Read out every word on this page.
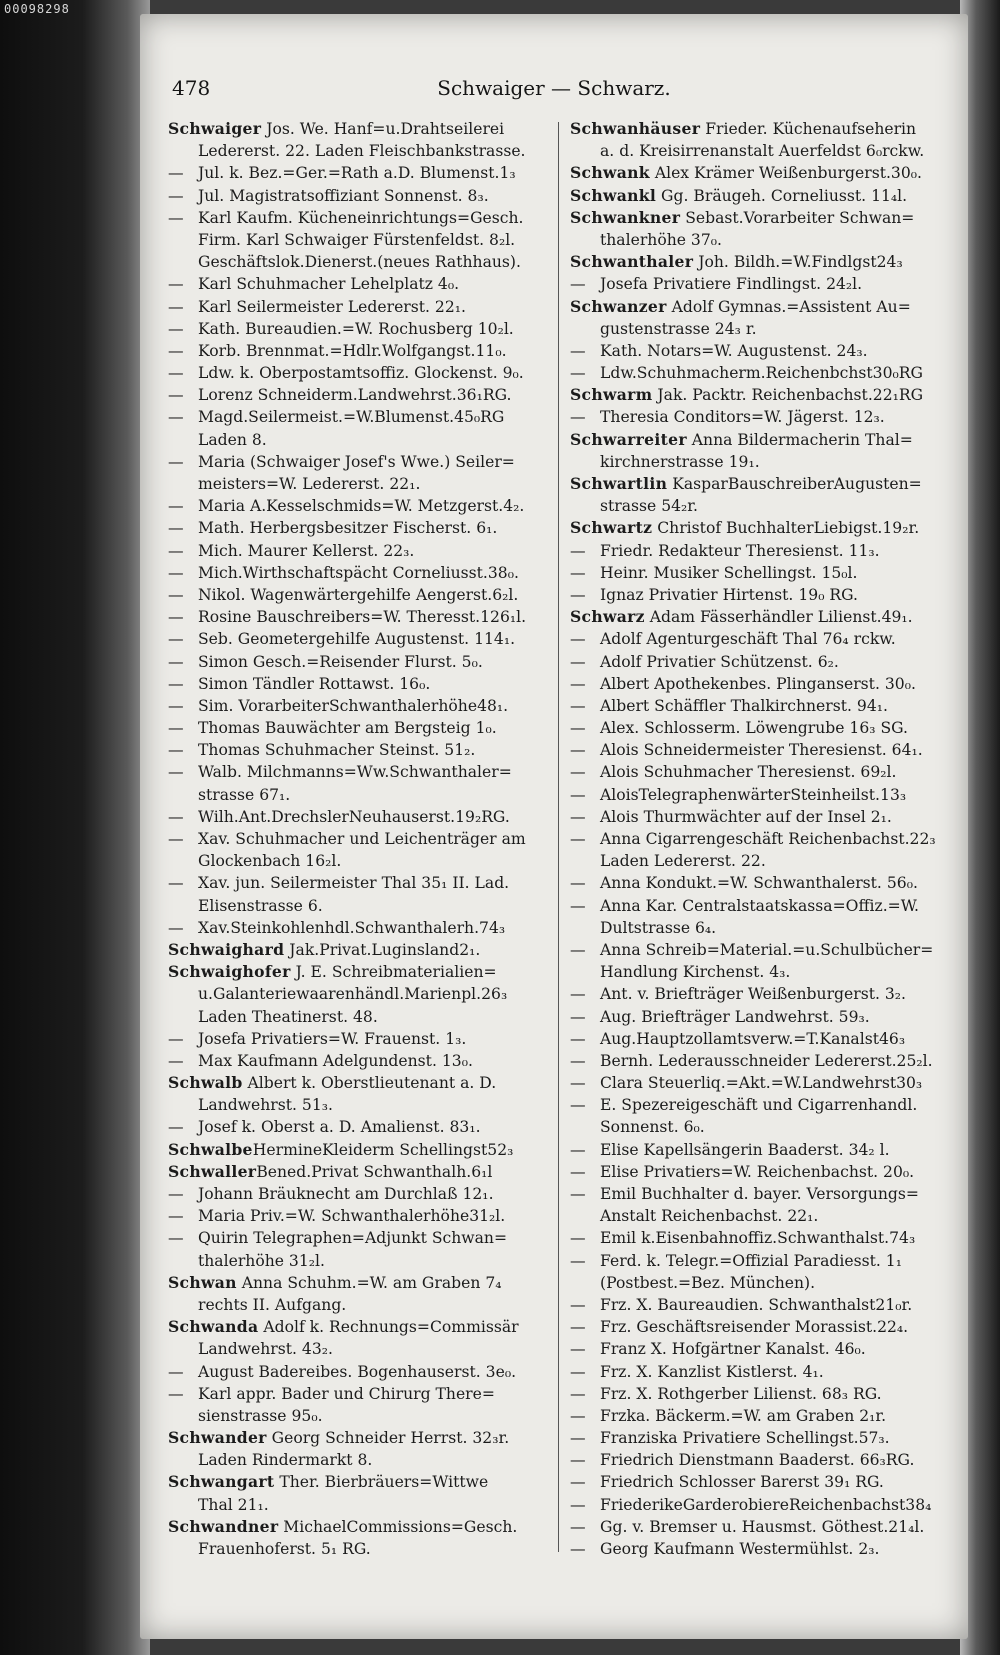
00098298
478	Schwaiger — Schwarz.
Schwaiger Jos. We. Hanf=u.Drahtseilerei
Ledererst. 22. Laden Fleischbankstrasse.
— Jul. k. Bez.=Ger.=Rath a.D. Blumenst.1₃
— Jul. Magistratsoffiziant Sonnenst. 8₃.
— Karl Kaufm. Kücheneinrichtungs=Gesch.
Firm. Karl Schwaiger Fürstenfeldst. 8₂l.
Geschäftslok.Dienerst.(neues Rathhaus).
— Karl Schuhmacher Lehelplatz 4₀.
— Karl Seilermeister Ledererst. 22₁.
— Kath. Bureaudien.=W. Rochusberg 10₂l.
— Korb. Brennmat.=Hdlr.Wolfgangst.11₀.
— Ldw. k. Oberpostamtsoffiz. Glockenst. 9₀.
— Lorenz Schneiderm.Landwehrst.36₁RG.
— Magd.Seilermeist.=W.Blumenst.45₀RG
Laden 8.
— Maria (Schwaiger Josef's Wwe.) Seiler=
meisters=W. Ledererst. 22₁.
— Maria A.Kesselschmids=W. Metzgerst.4₂.
— Math. Herbergsbesitzer Fischerst. 6₁.
— Mich. Maurer Kellerst. 22₃.
— Mich.Wirthschaftspächt Corneliusst.38₀.
— Nikol. Wagenwärtergehilfe Aengerst.6₂l.
— Rosine Bauschreibers=W. Theresst.126₁l.
— Seb. Geometergehilfe Augustenst. 114₁.
— Simon Gesch.=Reisender Flurst. 5₀.
— Simon Tändler Rottawst. 16₀.
— Sim. VorarbeiterSchwanthalerhöhe48₁.
— Thomas Bauwächter am Bergsteig 1₀.
— Thomas Schuhmacher Steinst. 51₂.
— Walb. Milchmanns=Ww.Schwanthaler=
strasse 67₁.
— Wilh.Ant.DrechslerNeuhauserst.19₂RG.
— Xav. Schuhmacher und Leichenträger am
Glockenbach 16₂l.
— Xav. jun. Seilermeister Thal 35₁ II. Lad.
Elisenstrasse 6.
— Xav.Steinkohlenhdl.Schwanthalerh.74₃
Schwaighard Jak.Privat.Luginsland2₁.
Schwaighofer J. E. Schreibmaterialien=
u.Galanteriewaarenhändl.Marienpl.26₃
Laden Theatinerst. 48.
— Josefa Privatiers=W. Frauenst. 1₃.
— Max Kaufmann Adelgundenst. 13₀.
Schwalb Albert k. Oberstlieutenant a. D.
Landwehrst. 51₃.
— Josef k. Oberst a. D. Amalienst. 83₁.
SchwalbeHermineKleiderm Schellingst52₃
SchwallerBened.Privat Schwanthalh.6₁l
— Johann Bräuknecht am Durchlaß 12₁.
— Maria Priv.=W. Schwanthalerhöhe31₂l.
— Quirin Telegraphen=Adjunkt Schwan=
thalerhöhe 31₂l.
Schwan Anna Schuhm.=W. am Graben 7₄
rechts II. Aufgang.
Schwanda Adolf k. Rechnungs=Commissär
Landwehrst. 43₂.
— August Badereibes. Bogenhauserst. 3e₀.
— Karl appr. Bader und Chirurg There=
sienstrasse 95₀.
Schwander Georg Schneider Herrst. 32₃r.
Laden Rindermarkt 8.
Schwangart Ther. Bierbräuers=Wittwe
Thal 21₁.
Schwandner MichaelCommissions=Gesch.
Frauenhoferst. 5₁ RG.
Schwanhäuser Frieder. Küchenaufseherin
a. d. Kreisirrenanstalt Auerfeldst 6₀rckw.
Schwank Alex Krämer Weißenburgerst.30₀.
Schwankl Gg. Bräugeh. Corneliusst. 11₄l.
Schwankner Sebast.Vorarbeiter Schwan=
thalerhöhe 37₀.
Schwanthaler Joh. Bildh.=W.Findlgst24₃
— Josefa Privatiere Findlingst. 24₂l.
Schwanzer Adolf Gymnas.=Assistent Au=
gustenstrasse 24₃ r.
— Kath. Notars=W. Augustenst. 24₃.
— Ldw.Schuhmacherm.Reichenbchst30₀RG
Schwarm Jak. Packtr. Reichenbachst.22₁RG
— Theresia Conditors=W. Jägerst. 12₃.
Schwarreiter Anna Bildermacherin Thal=
kirchnerstrasse 19₁.
Schwartlin KasparBauschreiberAugusten=
strasse 54₂r.
Schwartz Christof BuchhalterLiebigst.19₂r.
— Friedr. Redakteur Theresienst. 11₃.
— Heinr. Musiker Schellingst. 15₀l.
— Ignaz Privatier Hirtenst. 19₀ RG.
Schwarz Adam Fässerhändler Lilienst.49₁.
— Adolf Agenturgeschäft Thal 76₄ rckw.
— Adolf Privatier Schützenst. 6₂.
— Albert Apothekenbes. Plinganserst. 30₀.
— Albert Schäffler Thalkirchnerst. 94₁.
— Alex. Schlosserm. Löwengrube 16₃ SG.
— Alois Schneidermeister Theresienst. 64₁.
— Alois Schuhmacher Theresienst. 69₂l.
— AloisTelegraphenwärterSteinheilst.13₃
— Alois Thurmwächter auf der Insel 2₁.
— Anna Cigarrengeschäft Reichenbachst.22₃
Laden Ledererst. 22.
— Anna Kondukt.=W. Schwanthalerst. 56₀.
— Anna Kar. Centralstaatskassa=Offiz.=W.
Dultstrasse 6₄.
— Anna Schreib=Material.=u.Schulbücher=
Handlung Kirchenst. 4₃.
— Ant. v. Briefträger Weißenburgerst. 3₂.
— Aug. Briefträger Landwehrst. 59₃.
— Aug.Hauptzollamtsverw.=T.Kanalst46₃
— Bernh. Lederausschneider Ledererst.25₂l.
— Clara Steuerliq.=Akt.=W.Landwehrst30₃
— E. Spezereigeschäft und Cigarrenhandl.
Sonnenst. 6₀.
— Elise Kapellsängerin Baaderst. 34₂ l.
— Elise Privatiers=W. Reichenbachst. 20₀.
— Emil Buchhalter d. bayer. Versorgungs=
Anstalt Reichenbachst. 22₁.
— Emil k.Eisenbahnoffiz.Schwanthalst.74₃
— Ferd. k. Telegr.=Offizial Paradiesst. 1₁
(Postbest.=Bez. München).
— Frz. X. Baureaudien. Schwanthalst21₀r.
— Frz. Geschäftsreisender Morassist.22₄.
— Franz X. Hofgärtner Kanalst. 46₀.
— Frz. X. Kanzlist Kistlerst. 4₁.
— Frz. X. Rothgerber Lilienst. 68₃ RG.
— Frzka. Bäckerm.=W. am Graben 2₁r.
— Franziska Privatiere Schellingst.57₃.
— Friedrich Dienstmann Baaderst. 66₃RG.
— Friedrich Schlosser Barerst 39₁ RG.
— FriederikeGarderobiereReichenbachst38₄
— Gg. v. Bremser u. Hausmst. Göthest.21₄l.
— Georg Kaufmann Westermühlst. 2₃.
